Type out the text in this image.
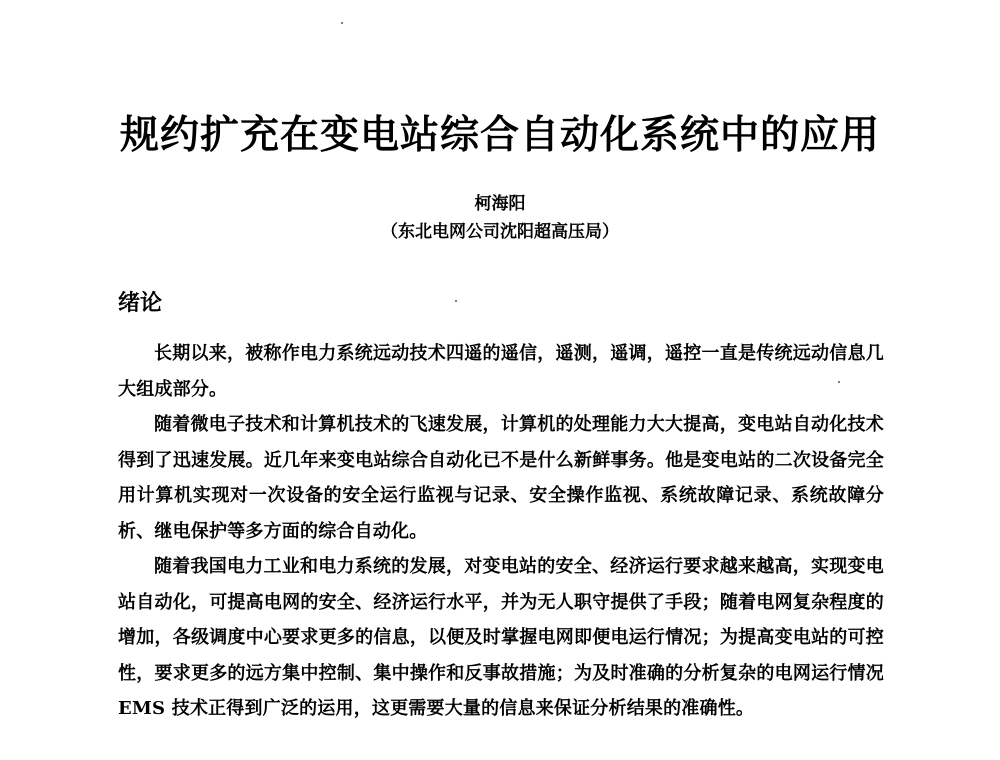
规约扩充在变电站综合自动化系统中的应用
柯海阳
（东北电网公司沈阳超高压局）
绪论

长期以来，被称作电力系统远动技术四遥的遥信，遥测，遥调，遥控一直是传统远动信息几大组成部分。

随着微电子技术和计算机技术的飞速发展，计算机的处理能力大大提高，变电站自动化技术得到了迅速发展。近几年来变电站综合自动化已不是什么新鲜事务。他是变电站的二次设备完全用计算机实现对一次设备的安全运行监视与记录、安全操作监视、系统故障记录、系统故障分析、继电保护等多方面的综合自动化。

随着我国电力工业和电力系统的发展，对变电站的安全、经济运行要求越来越高，实现变电站自动化，可提高电网的安全、经济运行水平，并为无人职守提供了手段；随着电网复杂程度的增加，各级调度中心要求更多的信息，以便及时掌握电网即便电运行情况；为提高变电站的可控性，要求更多的远方集中控制、集中操作和反事故措施；为及时准确的分析复杂的电网运行情况 EMS 技术正得到广泛的运用，这更需要大量的信息来保证分析结果的准确性。
